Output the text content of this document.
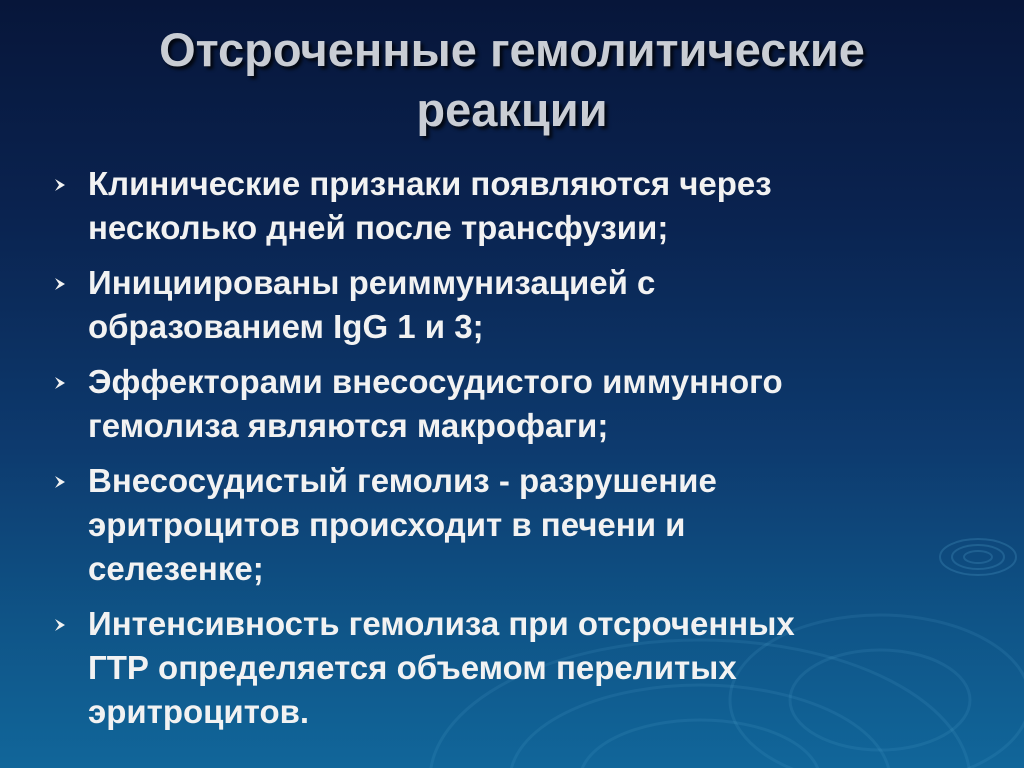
Отсроченные гемолитические
реакции
Клинические признаки появляются через
несколько дней после трансфузии;
Инициированы реиммунизацией с
образованием IgG 1 и 3;
Эффекторами внесосудистого иммунного
гемолиза являются макрофаги;
Внесосудистый гемолиз - разрушение
эритроцитов происходит в печени и
селезенке;
Интенсивность гемолиза при отсроченных
ГТР определяется объемом перелитых
эритроцитов.
